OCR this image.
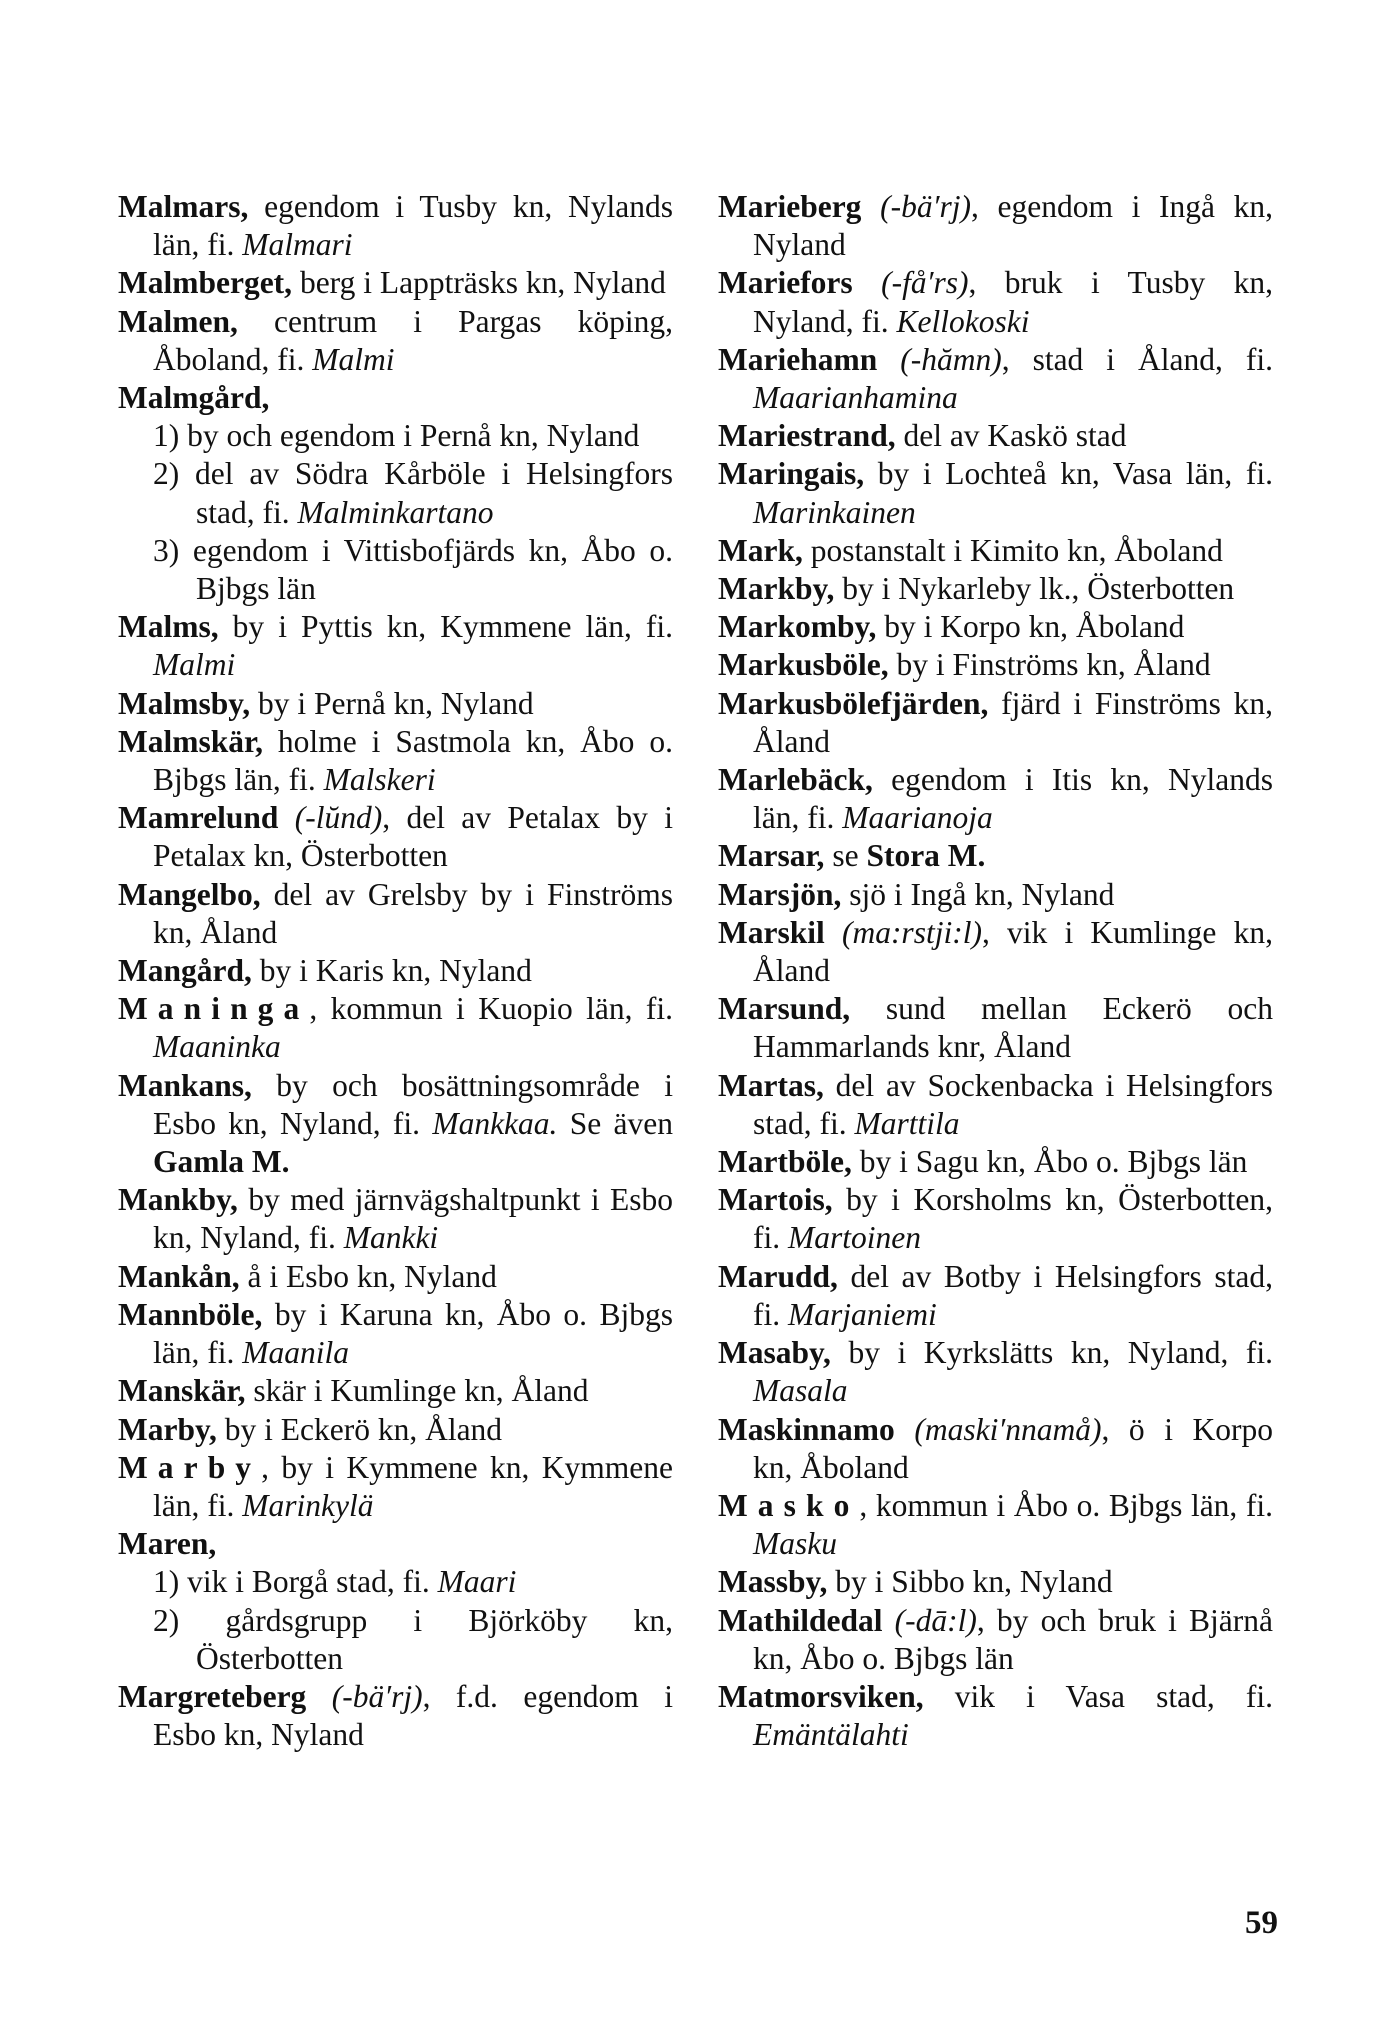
Malmars, egendom i Tusby kn, Nylands län, fi. Malmari
Malmberget, berg i Lappträsks kn, Nyland
Malmen, centrum i Pargas köping, Åboland, fi. Malmi
Malmgård,
1) by och egendom i Pernå kn, Nyland
2) del av Södra Kårböle i Helsingfors stad, fi. Malminkartano
3) egendom i Vittisbofjärds kn, Åbo o. Bjbgs län
Malms, by i Pyttis kn, Kymmene län, fi. Malmi
Malmsby, by i Pernå kn, Nyland
Malmskär, holme i Sastmola kn, Åbo o. Bjbgs län, fi. Malskeri
Mamrelund (-lŭnd), del av Petalax by i Petalax kn, Österbotten
Mangelbo, del av Grelsby by i Finströms kn, Åland
Mangård, by i Karis kn, Nyland
Maninga, kommun i Kuopio län, fi. Maaninka
Mankans, by och bosättningsområde i Esbo kn, Nyland, fi. Mankkaa. Se även Gamla M.
Mankby, by med järnvägshaltpunkt i Esbo kn, Nyland, fi. Mankki
Mankån, å i Esbo kn, Nyland
Mannböle, by i Karuna kn, Åbo o. Bjbgs län, fi. Maanila
Manskär, skär i Kumlinge kn, Åland
Marby, by i Eckerö kn, Åland
Marby, by i Kymmene kn, Kymmene län, fi. Marinkylä
Maren,
1) vik i Borgå stad, fi. Maari
2) gårdsgrupp i Björköby kn, Österbotten
Margreteberg (-bä′rj), f.d. egendom i Esbo kn, Nyland
Marieberg (-bä′rj), egendom i Ingå kn, Nyland
Mariefors (-få′rs), bruk i Tusby kn, Nyland, fi. Kellokoski
Mariehamn (-hămn), stad i Åland, fi. Maarianhamina
Mariestrand, del av Kaskö stad
Maringais, by i Lochteå kn, Vasa län, fi. Marinkainen
Mark, postanstalt i Kimito kn, Åboland
Markby, by i Nykarleby lk., Österbotten
Markomby, by i Korpo kn, Åboland
Markusböle, by i Finströms kn, Åland
Markusbölefjärden, fjärd i Finströms kn, Åland
Marlebäck, egendom i Itis kn, Nylands län, fi. Maarianoja
Marsar, se Stora M.
Marsjön, sjö i Ingå kn, Nyland
Marskil (ma:rstji:l), vik i Kumlinge kn, Åland
Marsund, sund mellan Eckerö och Hammarlands knr, Åland
Martas, del av Sockenbacka i Helsingfors stad, fi. Marttila
Martböle, by i Sagu kn, Åbo o. Bjbgs län
Martois, by i Korsholms kn, Österbotten, fi. Martoinen
Marudd, del av Botby i Helsingfors stad, fi. Marjaniemi
Masaby, by i Kyrkslätts kn, Nyland, fi. Masala
Maskinnamo (maski′nnamå), ö i Korpo kn, Åboland
Masko, kommun i Åbo o. Bjbgs län, fi. Masku
Massby, by i Sibbo kn, Nyland
Mathildedal (-dā:l), by och bruk i Bjärnå kn, Åbo o. Bjbgs län
Matmorsviken, vik i Vasa stad, fi. Emäntälahti
59
